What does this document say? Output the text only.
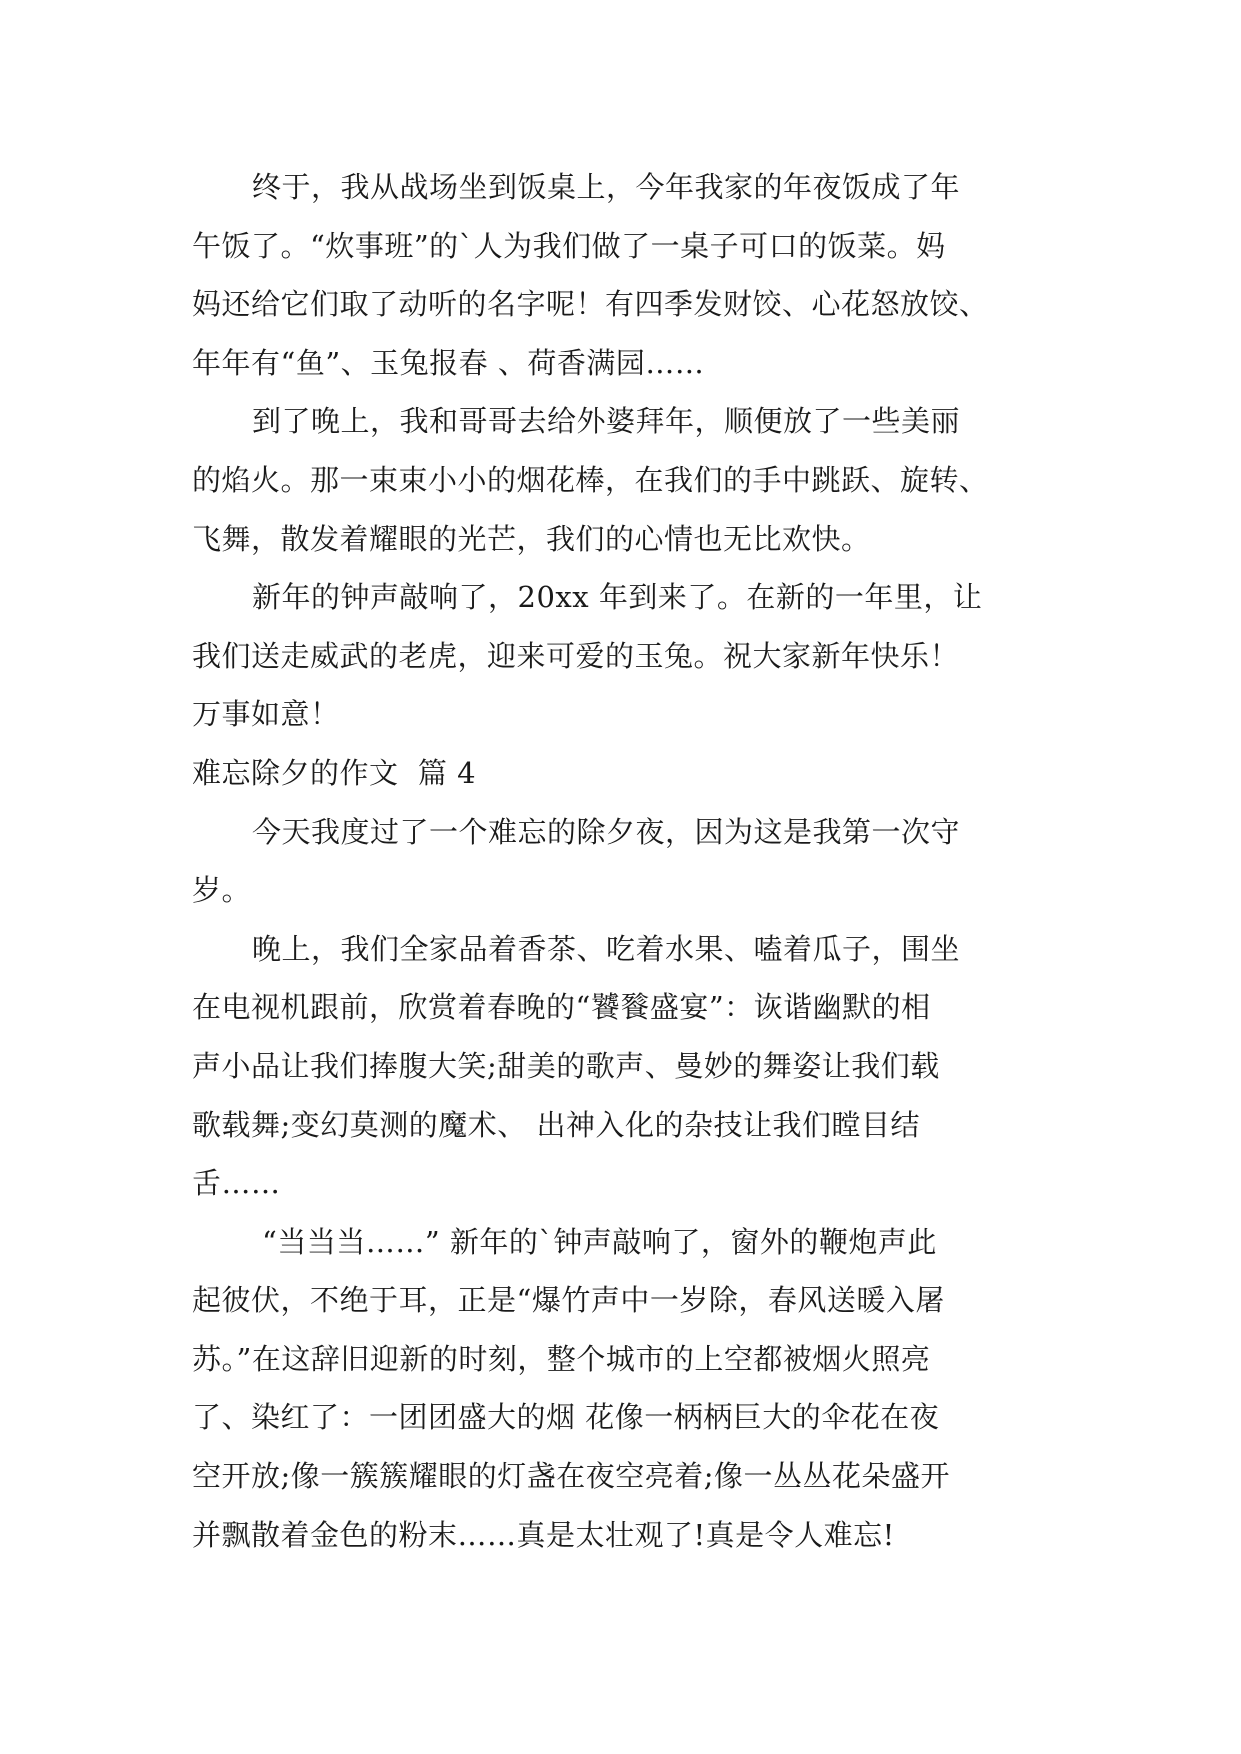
终于，我从战场坐到饭桌上，今年我家的年夜饭成了年
午饭了。“炊事班”的`人为我们做了一桌子可口的饭菜。妈
妈还给它们取了动听的名字呢！有四季发财饺、心花怒放饺、
年年有“鱼”、玉兔报春 、荷香满园……
到了晚上，我和哥哥去给外婆拜年，顺便放了一些美丽
的焰火。那一束束小小的烟花棒，在我们的手中跳跃、旋转、
飞舞，散发着耀眼的光芒，我们的心情也无比欢快。
新年的钟声敲响了，20xx 年到来了。在新的一年里，让
我们送走威武的老虎，迎来可爱的玉兔。祝大家新年快乐！
万事如意！
难忘除夕的作文  篇 4
今天我度过了一个难忘的除夕夜，因为这是我第一次守
岁。
晚上，我们全家品着香茶、吃着水果、嗑着瓜子，围坐
在电视机跟前，欣赏着春晚的“饕餮盛宴”：诙谐幽默的相
声小品让我们捧腹大笑;甜美的歌声、曼妙的舞姿让我们载
歌载舞;变幻莫测的魔术、 出神入化的杂技让我们瞠目结
舌……
“当当当……” 新年的`钟声敲响了，窗外的鞭炮声此
起彼伏，不绝于耳，正是“爆竹声中一岁除，春风送暖入屠
苏。”在这辞旧迎新的时刻，整个城市的上空都被烟火照亮
了、染红了：一团团盛大的烟 花像一柄柄巨大的伞花在夜
空开放;像一簇簇耀眼的灯盏在夜空亮着;像一丛丛花朵盛开
并飘散着金色的粉末……真是太壮观了!真是令人难忘!
